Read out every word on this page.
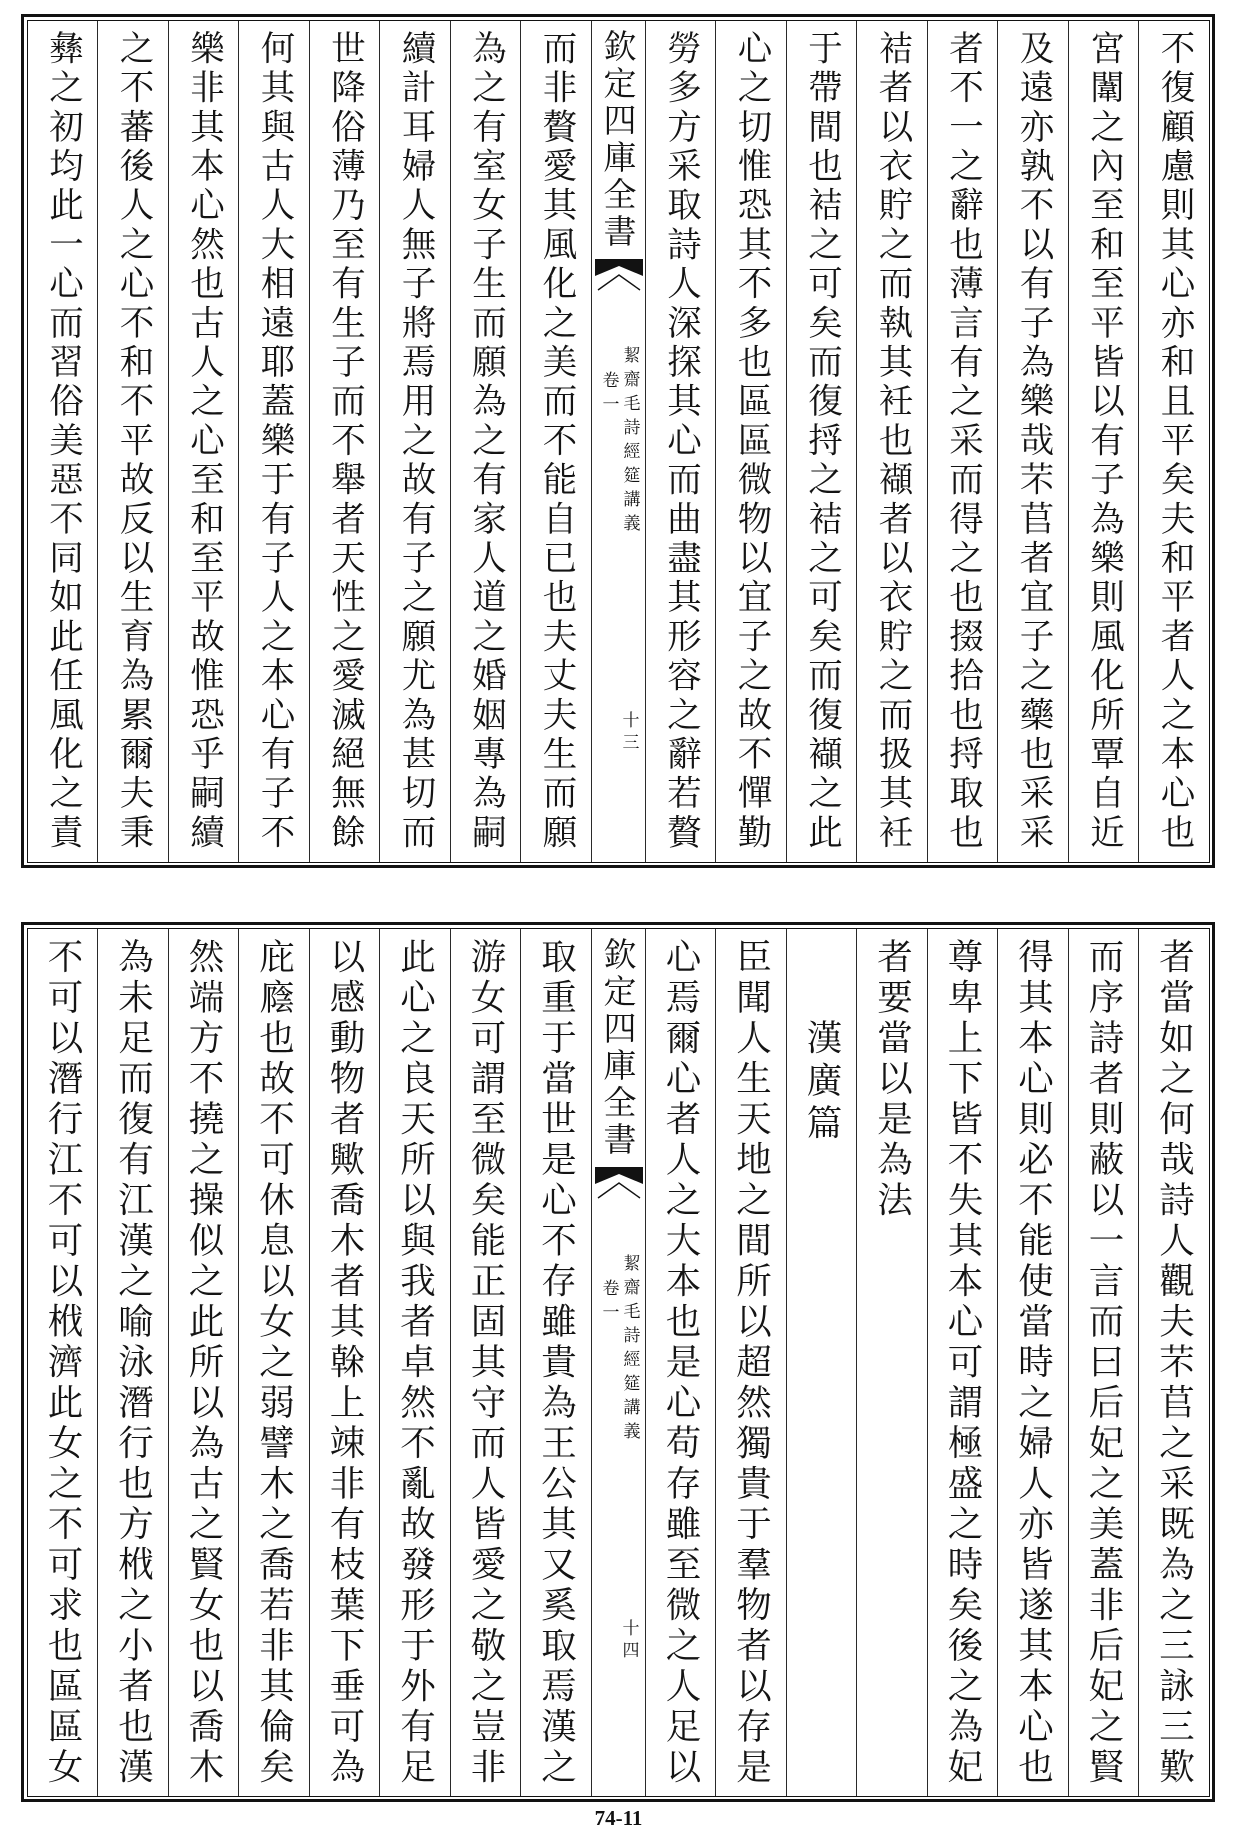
不復顧慮則其心亦和且平矣夫和平者人之本心也
宮闈之內至和至平皆以有子為樂則風化所覃自近
及遠亦孰不以有子為樂哉芣苢者宜子之藥也采采
者不一之辭也薄言有之采而得之也掇拾也捋取也
袺者以衣貯之而執其衽也襭者以衣貯之而扱其衽
于帶間也袺之可矣而復捋之袺之可矣而復襭之此
心之切惟恐其不多也區區微物以宜子之故不憚勤
勞多方采取詩人深探其心而曲盡其形容之辭若贅
欽定四庫全書
絜齋毛詩經筵講義
卷一
十三
而非贅愛其風化之美而不能自已也夫丈夫生而願
為之有室女子生而願為之有家人道之婚姻專為嗣
續計耳婦人無子將焉用之故有子之願尤為甚切而
世降俗薄乃至有生子而不舉者天性之愛滅絕無餘
何其與古人大相遠耶蓋樂于有子人之本心有子不
樂非其本心然也古人之心至和至平故惟恐乎嗣續
之不蕃後人之心不和不平故反以生育為累爾夫秉
彝之初均此一心而習俗美惡不同如此任風化之責
者當如之何哉詩人觀夫芣苢之采既為之三詠三歎
而序詩者則蔽以一言而曰后妃之美蓋非后妃之賢
得其本心則必不能使當時之婦人亦皆遂其本心也
尊卑上下皆不失其本心可謂極盛之時矣後之為妃
者要當以是為法
漢廣篇
臣聞人生天地之間所以超然獨貴于羣物者以存是
心焉爾心者人之大本也是心苟存雖至微之人足以
欽定四庫全書
絜齋毛詩經筵講義
卷一
十四
取重于當世是心不存雖貴為王公其又奚取焉漢之
游女可謂至微矣能正固其守而人皆愛之敬之豈非
此心之良天所以與我者卓然不亂故發形于外有足
以感動物者歟喬木者其榦上竦非有枝葉下垂可為
庇廕也故不可休息以女之弱譬木之喬若非其倫矣
然端方不撓之操似之此所以為古之賢女也以喬木
為未足而復有江漢之喻泳潛行也方栰之小者也漢
不可以潛行江不可以栰濟此女之不可求也區區女
74-11
